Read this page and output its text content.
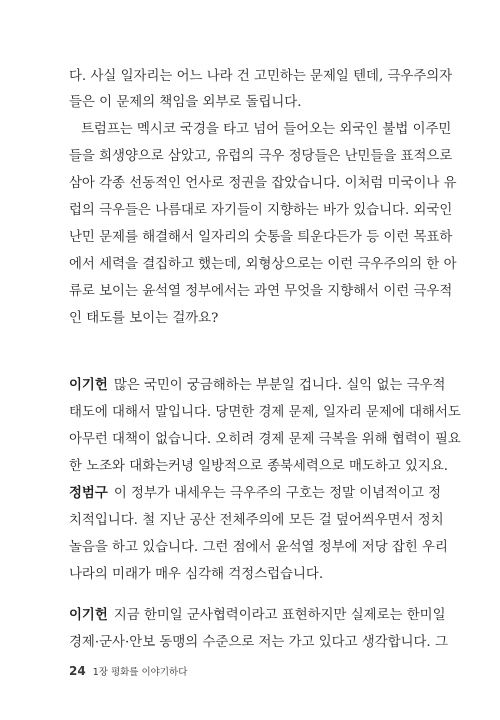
다. 사실 일자리는 어느 나라 건 고민하는 문제일 텐데, 극우주의자
들은 이 문제의 책임을 외부로 돌립니다.
트럼프는 멕시코 국경을 타고 넘어 들어오는 외국인 불법 이주민
들을 희생양으로 삼았고, 유럽의 극우 정당들은 난민들을 표적으로
삼아 각종 선동적인 언사로 정권을 잡았습니다. 이처럼 미국이나 유
럽의 극우들은 나름대로 자기들이 지향하는 바가 있습니다. 외국인
난민 문제를 해결해서 일자리의 숫통을 틔운다든가 등 이런 목표하
에서 세력을 결집하고 했는데, 외형상으로는 이런 극우주의의 한 아
류로 보이는 윤석열 정부에서는 과연 무엇을 지향해서 이런 극우적
인 태도를 보이는 걸까요?
이기헌 많은 국민이 궁금해하는 부분일 겁니다. 실익 없는 극우적
태도에 대해서 말입니다. 당면한 경제 문제, 일자리 문제에 대해서도
아무런 대책이 없습니다. 오히려 경제 문제 극복을 위해 협력이 필요
한 노조와 대화는커녕 일방적으로 종북세력으로 매도하고 있지요.
정범구 이 정부가 내세우는 극우주의 구호는 정말 이념적이고 정
치적입니다. 철 지난 공산 전체주의에 모든 걸 덮어씌우면서 정치
놀음을 하고 있습니다. 그런 점에서 윤석열 정부에 저당 잡힌 우리
나라의 미래가 매우 심각해 걱정스럽습니다.
이기헌 지금 한미일 군사협력이라고 표현하지만 실제로는 한미일
경제·군사·안보 동맹의 수준으로 저는 가고 있다고 생각합니다. 그
24 1장 평화를 이야기하다
